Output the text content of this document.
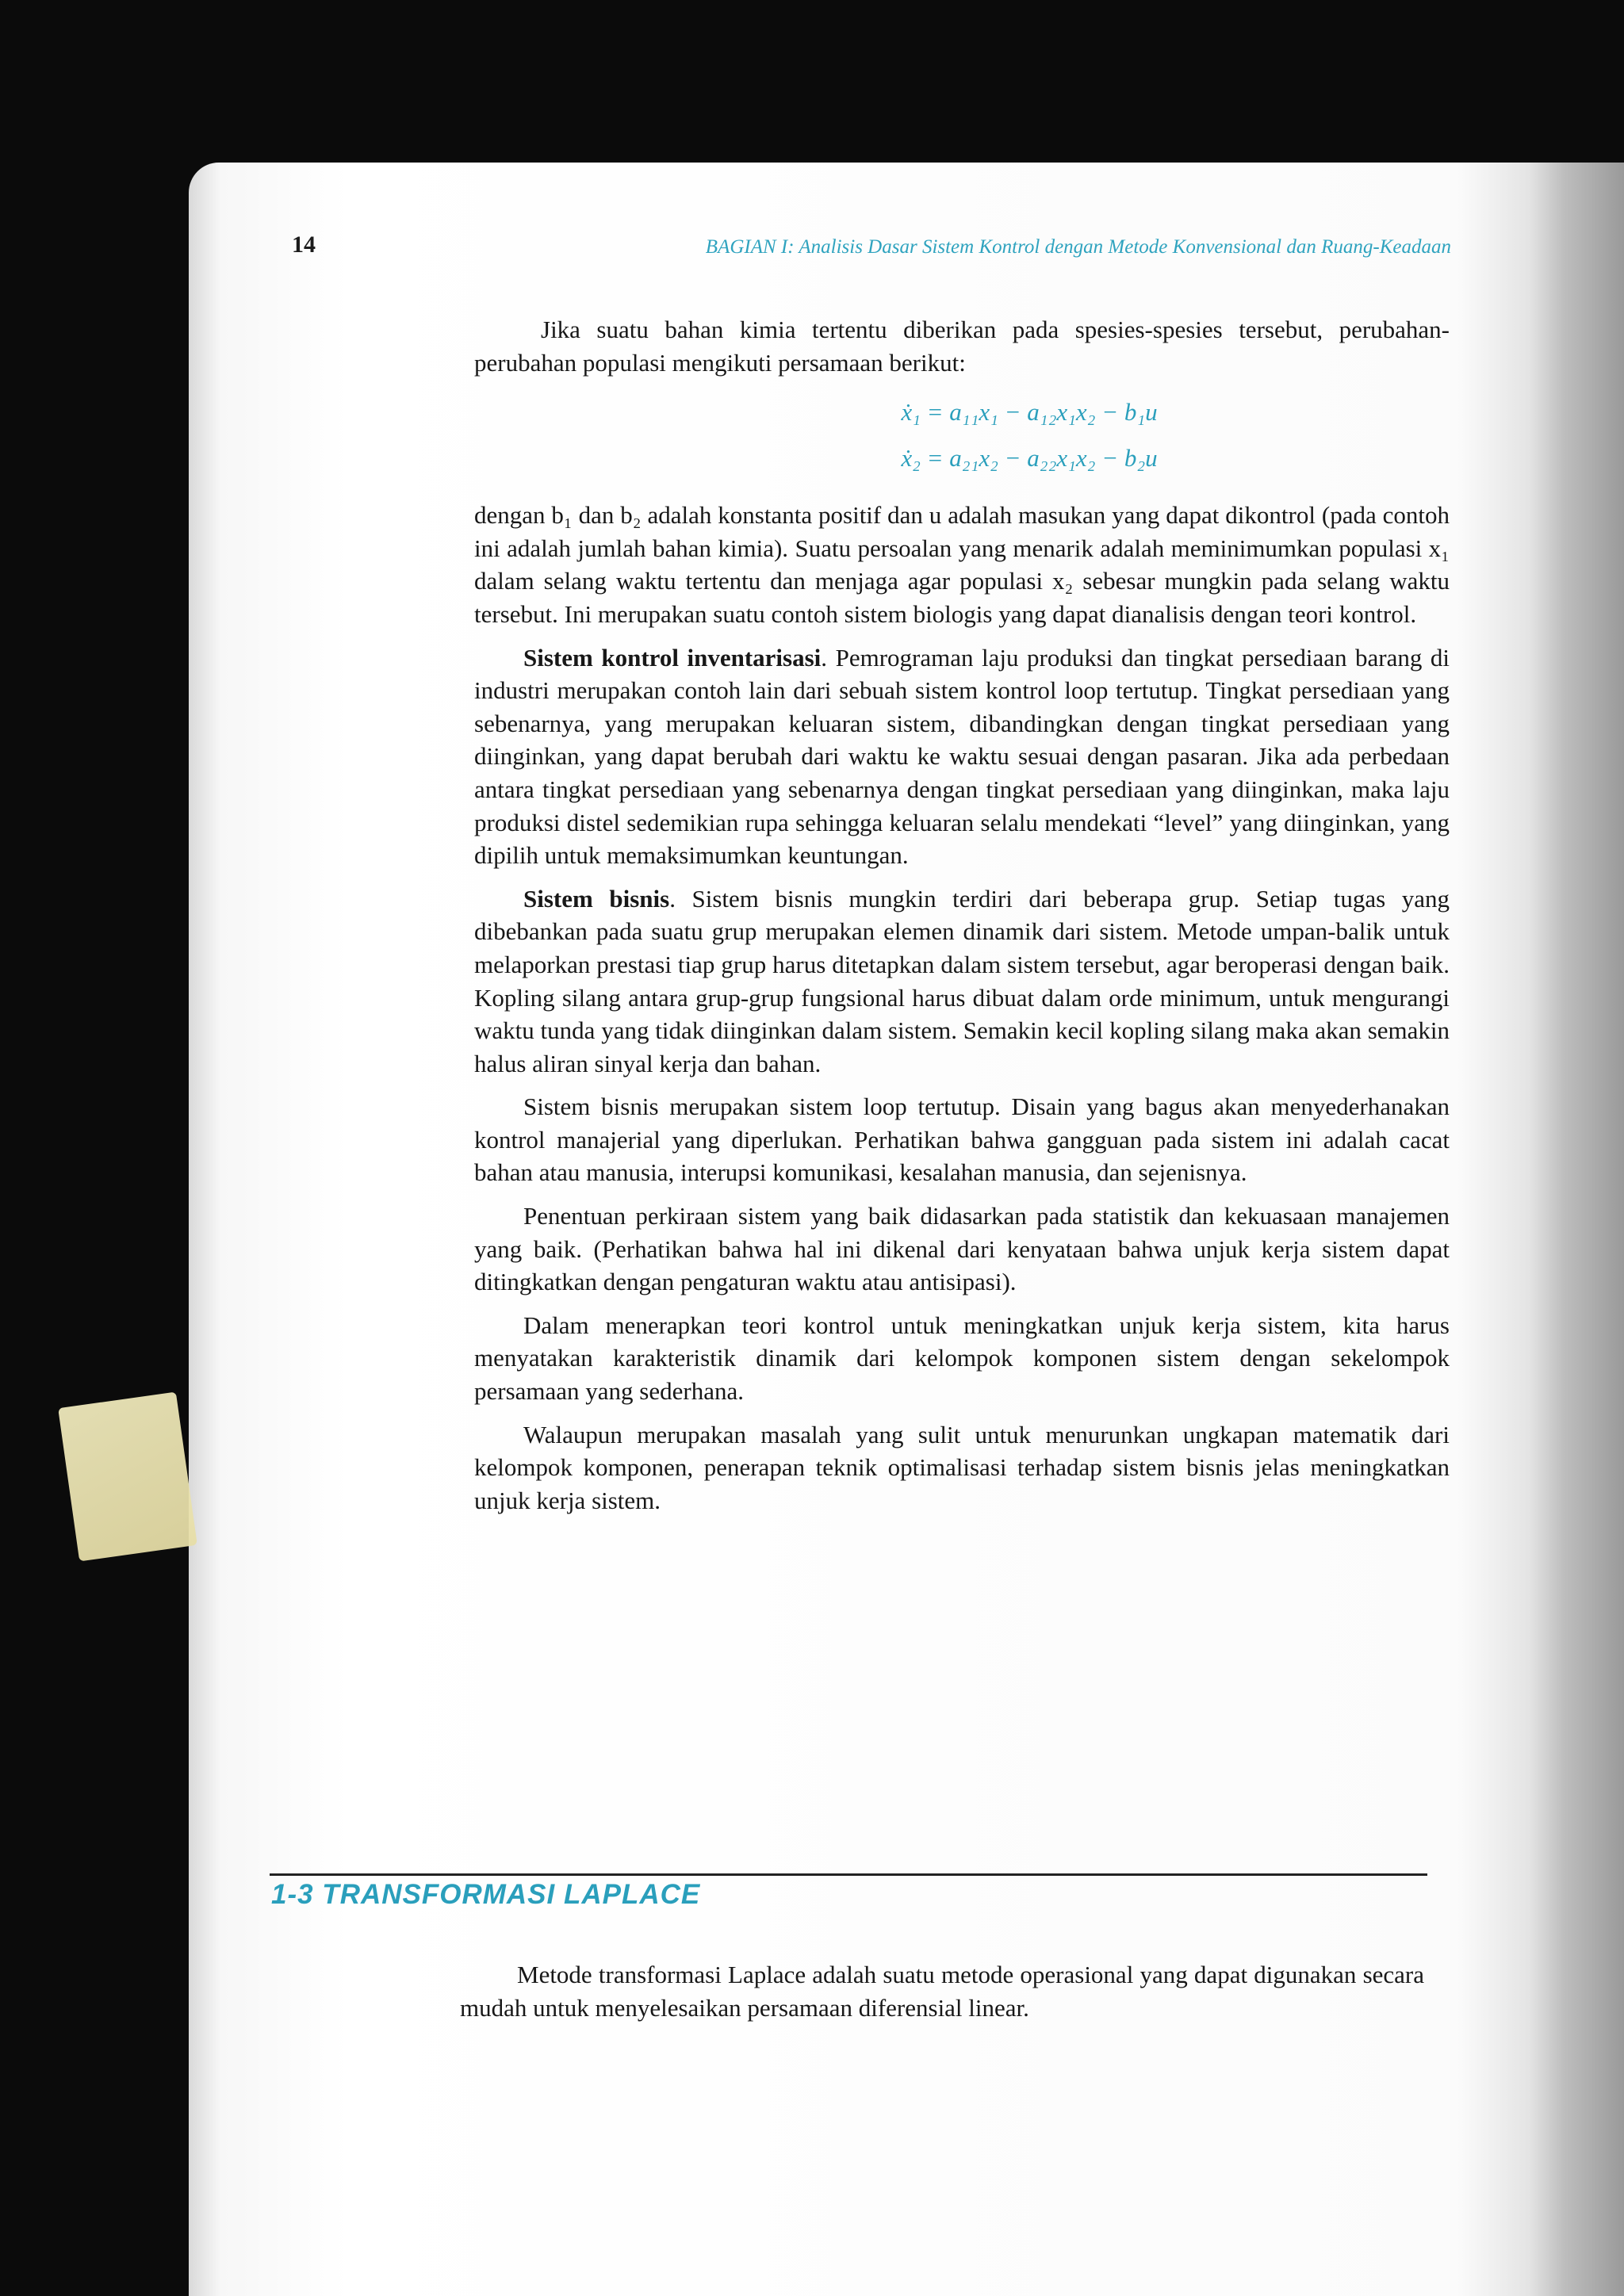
14	BAGIAN I: Analisis Dasar Sistem Kontrol dengan Metode Konvensional dan Ruang-Keadaan

Jika suatu bahan kimia tertentu diberikan pada spesies-spesies tersebut, perubahan-perubahan populasi mengikuti persamaan berikut:

ẋ₁ = a₁₁x₁ − a₁₂x₁x₂ − b₁u
ẋ₂ = a₂₁x₂ − a₂₂x₁x₂ − b₂u

dengan b₁ dan b₂ adalah konstanta positif dan u adalah masukan yang dapat dikontrol (pada contoh ini adalah jumlah bahan kimia). Suatu persoalan yang menarik adalah meminimumkan populasi x₁ dalam selang waktu tertentu dan menjaga agar populasi x₂ sebesar mungkin pada selang waktu tersebut. Ini merupakan suatu contoh sistem biologis yang dapat dianalisis dengan teori kontrol.

Sistem kontrol inventarisasi. Pemrograman laju produksi dan tingkat persediaan barang di industri merupakan contoh lain dari sebuah sistem kontrol loop tertutup. Tingkat persediaan yang sebenarnya, yang merupakan keluaran sistem, dibandingkan dengan tingkat persediaan yang diinginkan, yang dapat berubah dari waktu ke waktu sesuai dengan pasaran. Jika ada perbedaan antara tingkat persediaan yang sebenarnya dengan tingkat persediaan yang diinginkan, maka laju produksi distel sedemikian rupa sehingga keluaran selalu mendekati “level” yang diinginkan, yang dipilih untuk memaksimumkan keuntungan.

Sistem bisnis. Sistem bisnis mungkin terdiri dari beberapa grup. Setiap tugas yang dibebankan pada suatu grup merupakan elemen dinamik dari sistem. Metode umpan-balik untuk melaporkan prestasi tiap grup harus ditetapkan dalam sistem tersebut, agar beroperasi dengan baik. Kopling silang antara grup-grup fungsional harus dibuat dalam orde minimum, untuk mengurangi waktu tunda yang tidak diinginkan dalam sistem. Semakin kecil kopling silang maka akan semakin halus aliran sinyal kerja dan bahan.

Sistem bisnis merupakan sistem loop tertutup. Disain yang bagus akan menyederhanakan kontrol manajerial yang diperlukan. Perhatikan bahwa gangguan pada sistem ini adalah cacat bahan atau manusia, interupsi komunikasi, kesalahan manusia, dan sejenisnya.

Penentuan perkiraan sistem yang baik didasarkan pada statistik dan kekuasaan manajemen yang baik. (Perhatikan bahwa hal ini dikenal dari kenyataan bahwa unjuk kerja sistem dapat ditingkatkan dengan pengaturan waktu atau antisipasi).

Dalam menerapkan teori kontrol untuk meningkatkan unjuk kerja sistem, kita harus menyatakan karakteristik dinamik dari kelompok komponen sistem dengan sekelompok persamaan yang sederhana.

Walaupun merupakan masalah yang sulit untuk menurunkan ungkapan matematik dari kelompok komponen, penerapan teknik optimalisasi terhadap sistem bisnis jelas meningkatkan unjuk kerja sistem.

1-3 TRANSFORMASI LAPLACE

Metode transformasi Laplace adalah suatu metode operasional yang dapat digunakan secara mudah untuk menyelesaikan persamaan diferensial linear.
